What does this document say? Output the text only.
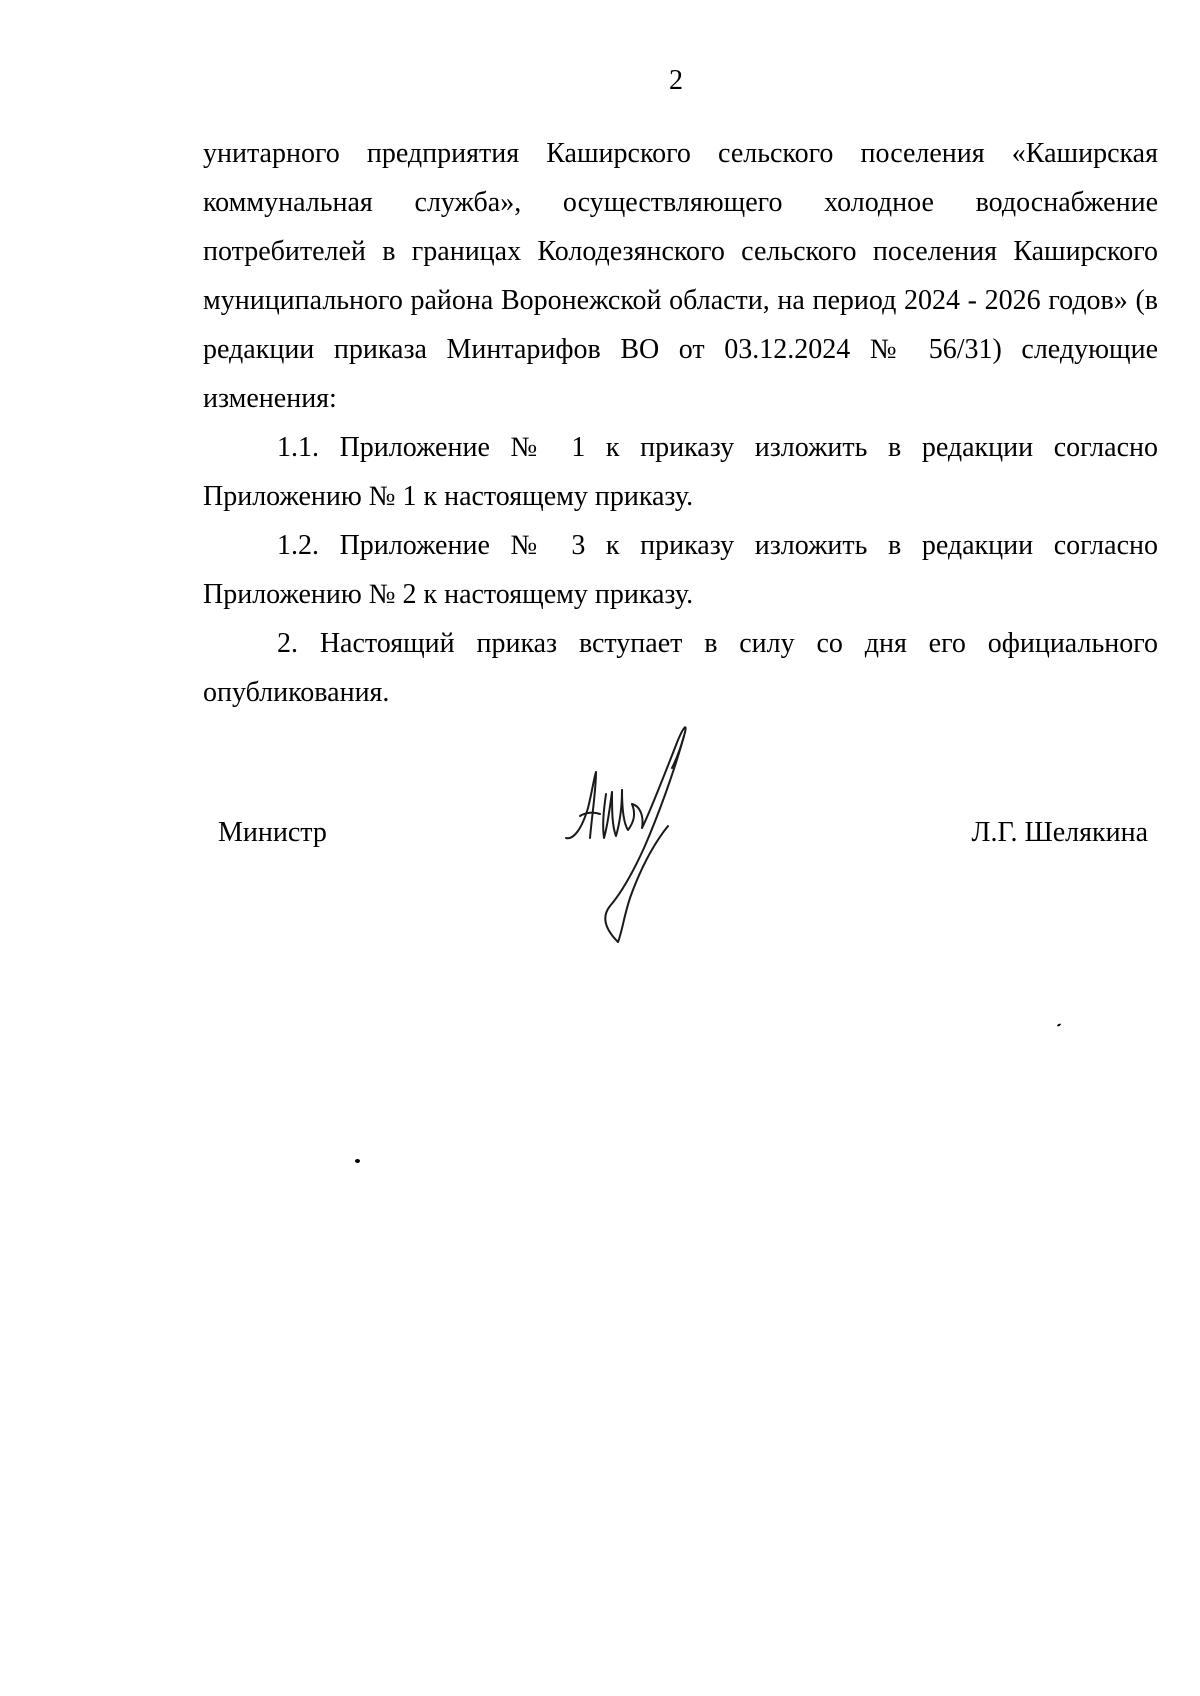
2

унитарного предприятия Каширского сельского поселения «Каширская коммунальная служба», осуществляющего холодное водоснабжение потребителей в границах Колодезянского сельского поселения Каширского муниципального района Воронежской области, на период 2024 - 2026 годов» (в редакции приказа Минтарифов ВО от 03.12.2024 № 56/31) следующие изменения:

1.1. Приложение № 1 к приказу изложить в редакции согласно Приложению № 1 к настоящему приказу.

1.2. Приложение № 3 к приказу изложить в редакции согласно Приложению № 2 к настоящему приказу.

2. Настоящий приказ вступает в силу со дня его официального опубликования.

Министр	Л.Г. Шелякина
